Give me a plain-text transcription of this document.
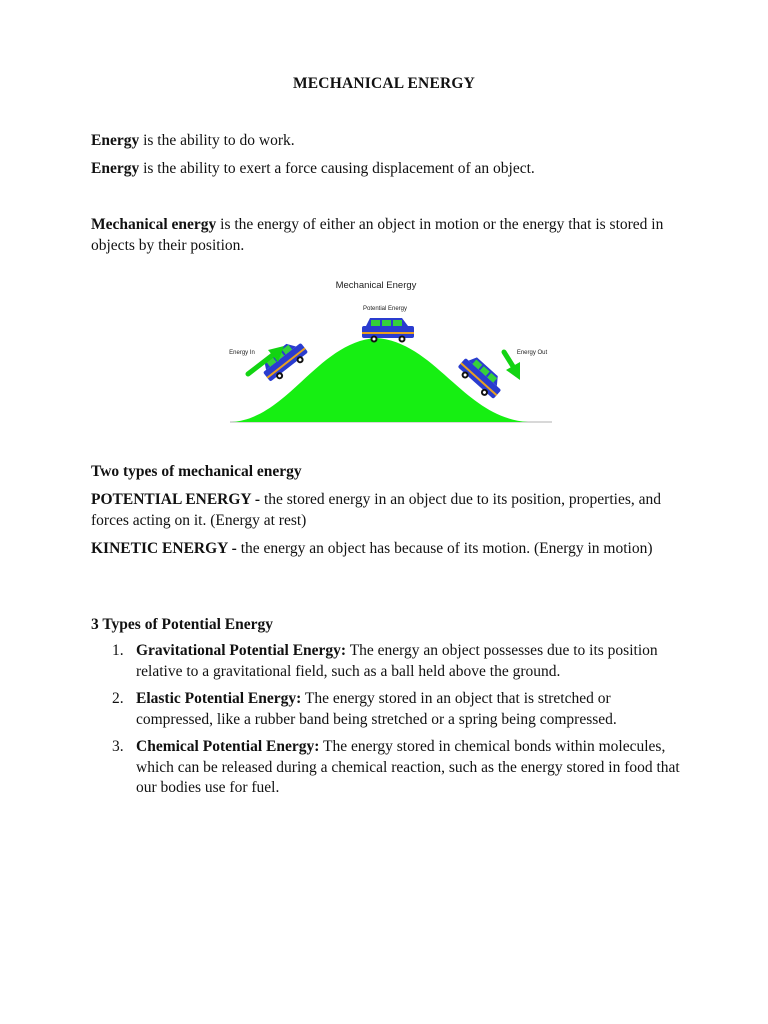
MECHANICAL ENERGY

Energy is the ability to do work.

Energy is the ability to exert a force causing displacement of an object.

Mechanical energy is the energy of either an object in motion or the energy that is stored in objects by their position.

Mechanical Energy
Potential Energy
Energy In	Energy Out

Two types of mechanical energy

POTENTIAL ENERGY - the stored energy in an object due to its position, properties, and forces acting on it. (Energy at rest)

KINETIC ENERGY - the energy an object has because of its motion. (Energy in motion)

3 Types of Potential Energy

1. Gravitational Potential Energy: The energy an object possesses due to its position relative to a gravitational field, such as a ball held above the ground.
2. Elastic Potential Energy: The energy stored in an object that is stretched or compressed, like a rubber band being stretched or a spring being compressed.
3. Chemical Potential Energy: The energy stored in chemical bonds within molecules, which can be released during a chemical reaction, such as the energy stored in food that our bodies use for fuel.
